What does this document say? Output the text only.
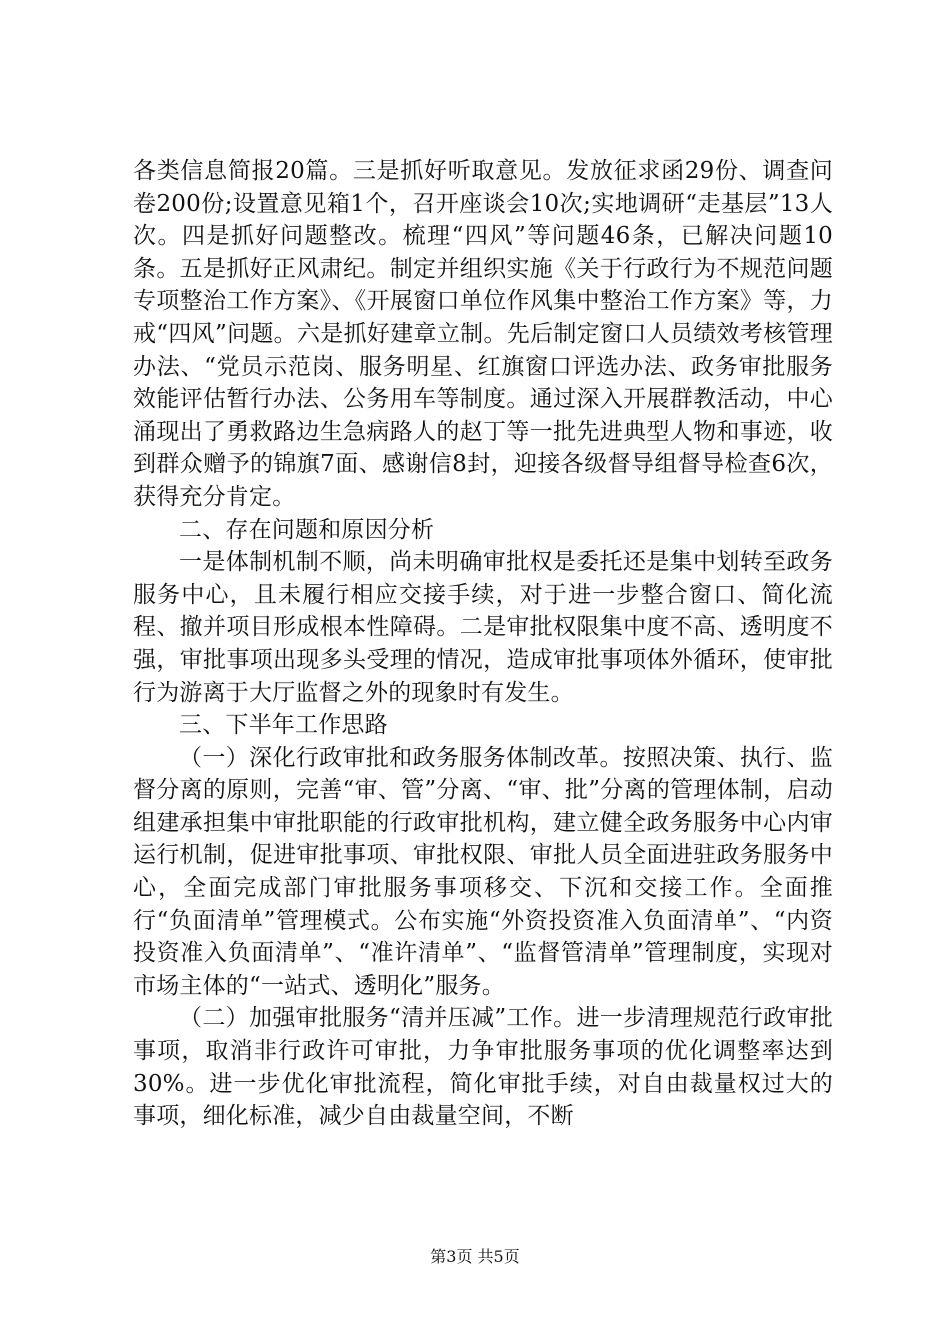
各类信息简报20篇。三是抓好听取意见。发放征求函29份、调查问卷200份;设置意见箱1个，召开座谈会10次;实地调研“走基层”13人次。四是抓好问题整改。梳理“四风”等问题46条，已解决问题10条。五是抓好正风肃纪。制定并组织实施《关于行政行为不规范问题专项整治工作方案》、《开展窗口单位作风集中整治工作方案》等，力戒“四风”问题。六是抓好建章立制。先后制定窗口人员绩效考核管理办法、“党员示范岗、服务明星、红旗窗口评选办法、政务审批服务效能评估暂行办法、公务用车等制度。通过深入开展群教活动，中心涌现出了勇救路边生急病路人的赵丁等一批先进典型人物和事迹，收到群众赠予的锦旗7面、感谢信8封，迎接各级督导组督导检查6次，获得充分肯定。

二、存在问题和原因分析

一是体制机制不顺，尚未明确审批权是委托还是集中划转至政务服务中心，且未履行相应交接手续，对于进一步整合窗口、简化流程、撤并项目形成根本性障碍。二是审批权限集中度不高、透明度不强，审批事项出现多头受理的情况，造成审批事项体外循环，使审批行为游离于大厅监督之外的现象时有发生。

三、下半年工作思路

（一）深化行政审批和政务服务体制改革。按照决策、执行、监督分离的原则，完善“审、管”分离、“审、批”分离的管理体制，启动组建承担集中审批职能的行政审批机构，建立健全政务服务中心内审运行机制，促进审批事项、审批权限、审批人员全面进驻政务服务中心，全面完成部门审批服务事项移交、下沉和交接工作。全面推行“负面清单”管理模式。公布实施“外资投资准入负面清单”、“内资投资准入负面清单”、“准许清单”、“监督管清单”管理制度，实现对市场主体的“一站式、透明化”服务。

（二）加强审批服务“清并压减”工作。进一步清理规范行政审批事项，取消非行政许可审批，力争审批服务事项的优化调整率达到30%。进一步优化审批流程，简化审批手续，对自由裁量权过大的事项，细化标准，减少自由裁量空间，不断

第3页 共5页
